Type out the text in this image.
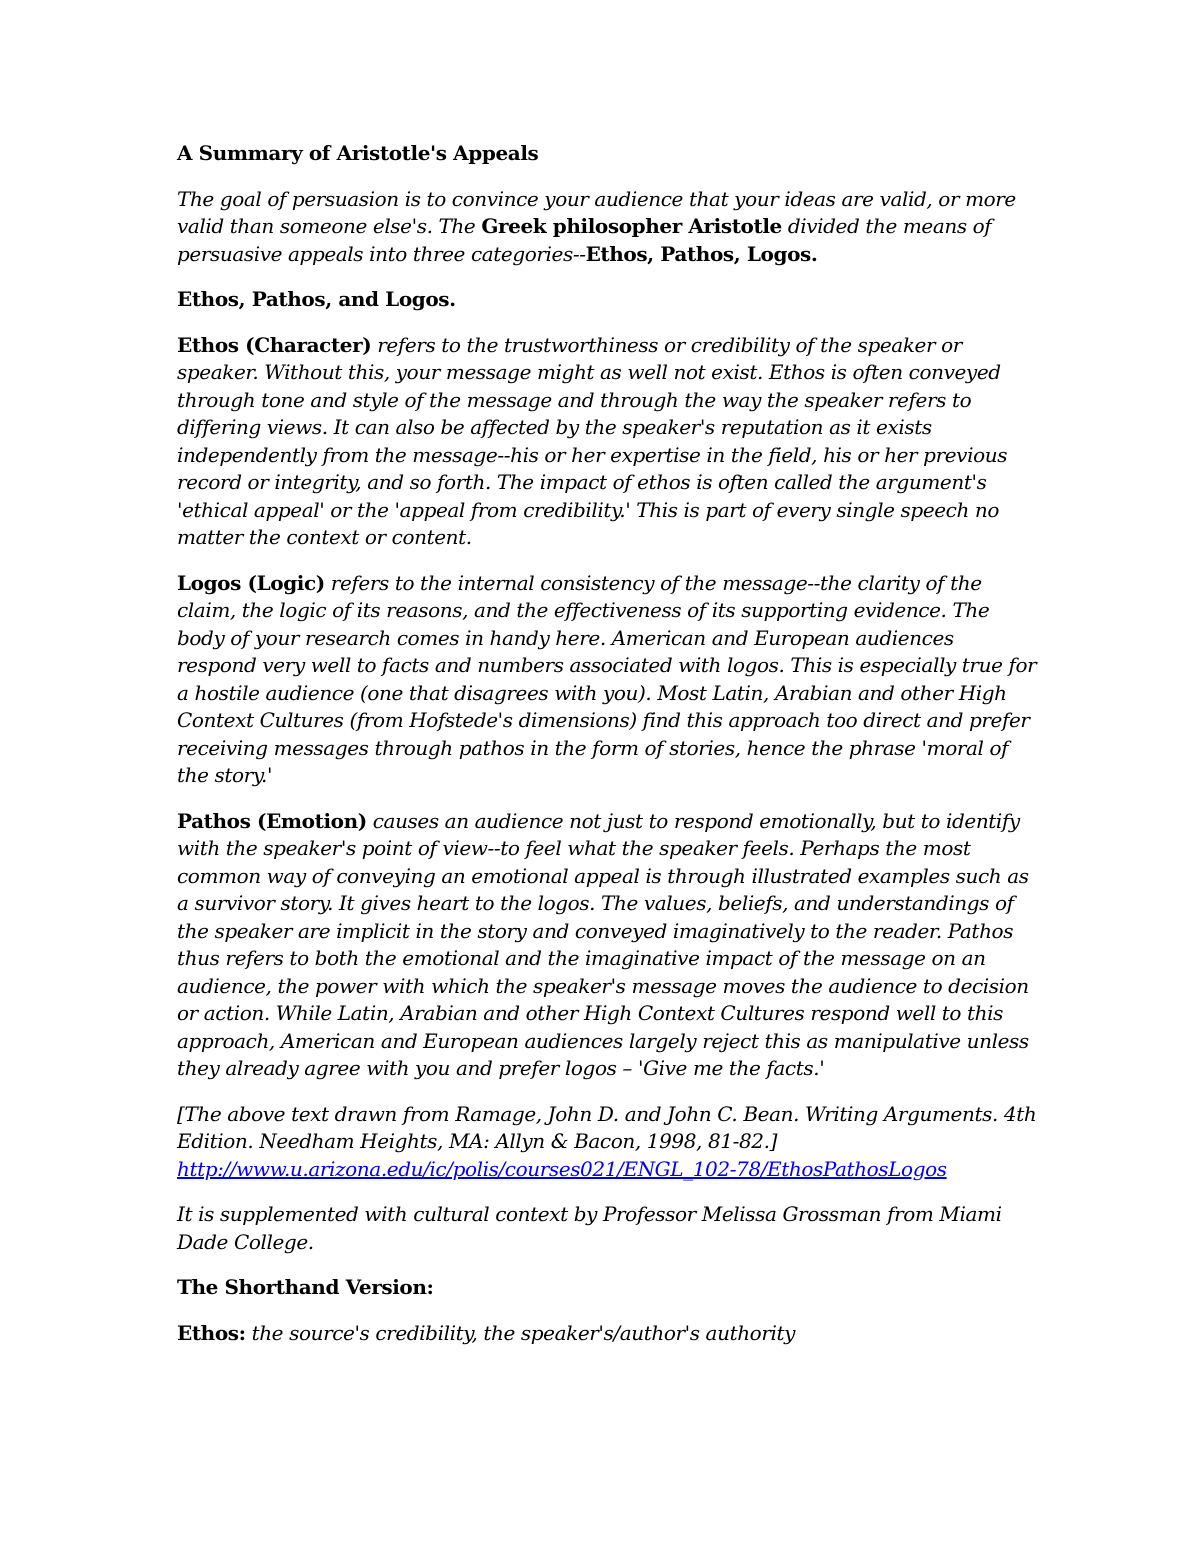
A Summary of Aristotle's Appeals

The goal of persuasion is to convince your audience that your ideas are valid, or more valid than someone else's. The Greek philosopher Aristotle divided the means of persuasive appeals into three categories--Ethos, Pathos, Logos.

Ethos, Pathos, and Logos.

Ethos (Character) refers to the trustworthiness or credibility of the speaker or speaker. Without this, your message might as well not exist. Ethos is often conveyed through tone and style of the message and through the way the speaker refers to differing views. It can also be affected by the speaker's reputation as it exists independently from the message--his or her expertise in the field, his or her previous record or integrity, and so forth. The impact of ethos is often called the argument's 'ethical appeal' or the 'appeal from credibility.' This is part of every single speech no matter the context or content.

Logos (Logic) refers to the internal consistency of the message--the clarity of the claim, the logic of its reasons, and the effectiveness of its supporting evidence. The body of your research comes in handy here. American and European audiences respond very well to facts and numbers associated with logos. This is especially true for a hostile audience (one that disagrees with you). Most Latin, Arabian and other High Context Cultures (from Hofstede's dimensions) find this approach too direct and prefer receiving messages through pathos in the form of stories, hence the phrase 'moral of the story.'

Pathos (Emotion) causes an audience not just to respond emotionally, but to identify with the speaker's point of view--to feel what the speaker feels. Perhaps the most common way of conveying an emotional appeal is through illustrated examples such as a survivor story. It gives heart to the logos. The values, beliefs, and understandings of the speaker are implicit in the story and conveyed imaginatively to the reader. Pathos thus refers to both the emotional and the imaginative impact of the message on an audience, the power with which the speaker's message moves the audience to decision or action. While Latin, Arabian and other High Context Cultures respond well to this approach, American and European audiences largely reject this as manipulative unless they already agree with you and prefer logos – 'Give me the facts.'

[The above text drawn from Ramage, John D. and John C. Bean. Writing Arguments. 4th Edition. Needham Heights, MA: Allyn & Bacon, 1998, 81-82.]
http://www.u.arizona.edu/ic/polis/courses021/ENGL_102-78/EthosPathosLogos

It is supplemented with cultural context by Professor Melissa Grossman from Miami Dade College.

The Shorthand Version:

Ethos: the source's credibility, the speaker's/author's authority
